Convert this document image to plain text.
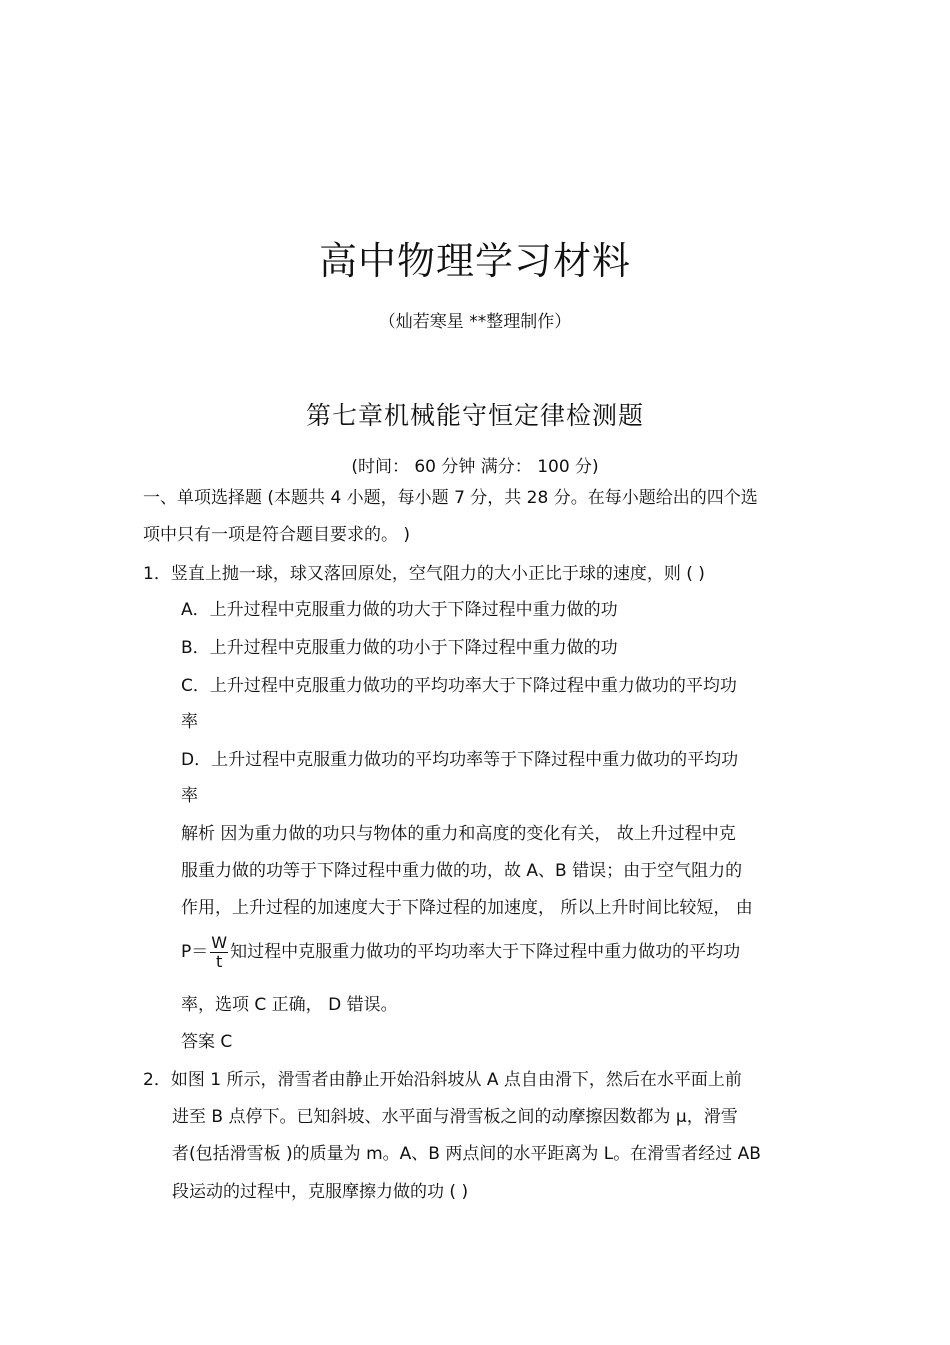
高中物理学习材料
（灿若寒星 **整理制作）
第七章机械能守恒定律检测题
(时间： 60 分钟 满分： 100 分)
一、单项选择题 (本题共 4 小题，每小题 7 分，共 28 分。在每小题给出的四个选
项中只有一项是符合题目要求的。 )
1．竖直上抛一球，球又落回原处，空气阻力的大小正比于球的速度，则 ( )
A．上升过程中克服重力做的功大于下降过程中重力做的功
B．上升过程中克服重力做的功小于下降过程中重力做的功
C．上升过程中克服重力做功的平均功率大于下降过程中重力做功的平均功
率
D．上升过程中克服重力做功的平均功率等于下降过程中重力做功的平均功
率
解析 因为重力做的功只与物体的重力和高度的变化有关， 故上升过程中克
服重力做的功等于下降过程中重力做的功，故 A、B 错误；由于空气阻力的
作用，上升过程的加速度大于下降过程的加速度， 所以上升时间比较短， 由
$P= \frac{W}{t}$ 知过程中克服重力做功的平均功率大于下降过程中重力做功的平均功
率，选项 C 正确， D 错误。
答案 C
2．如图 1 所示，滑雪者由静止开始沿斜坡从 A 点自由滑下，然后在水平面上前
进至 B 点停下。已知斜坡、水平面与滑雪板之间的动摩擦因数都为 μ，滑雪
者(包括滑雪板 )的质量为 m。A、B 两点间的水平距离为 L。在滑雪者经过 AB
段运动的过程中，克服摩擦力做的功 ( )
